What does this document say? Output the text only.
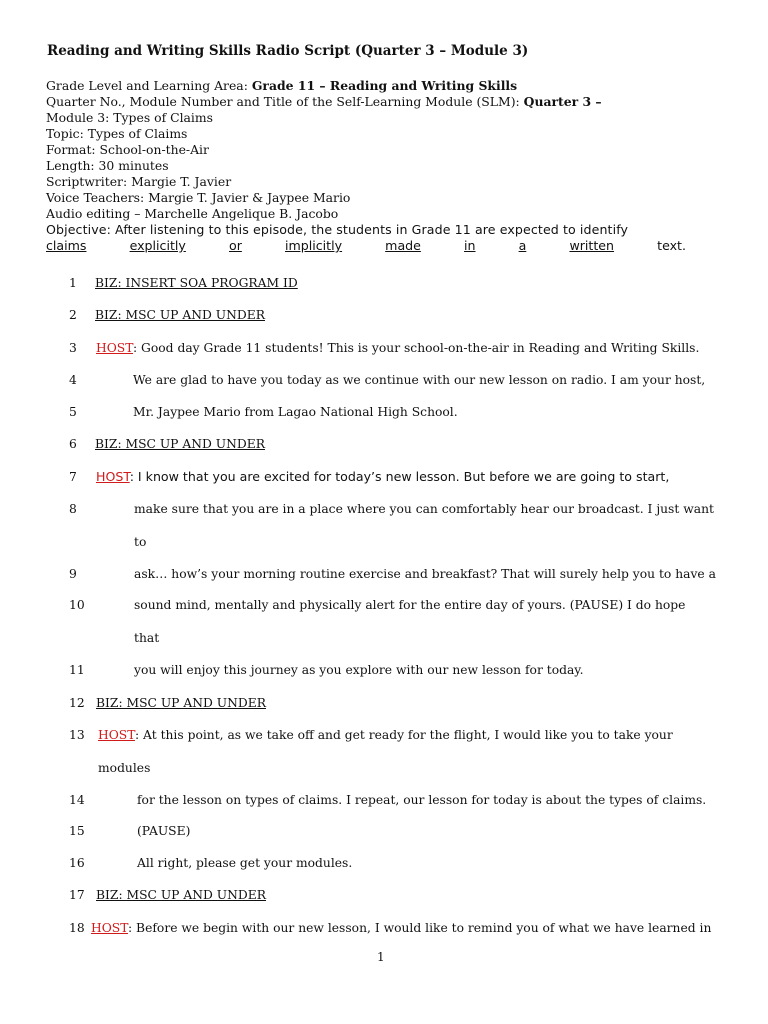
Reading and Writing Skills Radio Script (Quarter 3 – Module 3)
Grade Level and Learning Area: Grade 11 – Reading and Writing Skills
Quarter No., Module Number and Title of the Self-Learning Module (SLM): Quarter 3 –
Module 3: Types of Claims
Topic: Types of Claims
Format: School-on-the-Air
Length: 30 minutes
Scriptwriter: Margie T. Javier
Voice Teachers: Margie T. Javier & Jaypee Mario
Audio editing – Marchelle Angelique B. Jacobo
Objective: After listening to this episode, the students in Grade 11 are expected to identify
claims	explicitly	or	implicitly	made	in	a	written	text.
1 BIZ: INSERT SOA PROGRAM ID
2 BIZ: MSC UP AND UNDER
3 HOST: Good day Grade 11 students! This is your school-on-the-air in Reading and Writing Skills.
4	We are glad to have you today as we continue with our new lesson on radio. I am your host,
5	Mr. Jaypee Mario from Lagao National High School.
6 BIZ: MSC UP AND UNDER
7 HOST: I know that you are excited for today’s new lesson. But before we are going to start,
8	make sure that you are in a place where you can comfortably hear our broadcast. I just want
to
9	ask… how’s your morning routine exercise and breakfast? That will surely help you to have a
10	sound mind, mentally and physically alert for the entire day of yours. (PAUSE) I do hope
that
11	you will enjoy this journey as you explore with our new lesson for today.
12 BIZ: MSC UP AND UNDER
13 HOST: At this point, as we take off and get ready for the flight, I would like you to take your
modules
14	for the lesson on types of claims. I repeat, our lesson for today is about the types of claims.
15	(PAUSE)
16	All right, please get your modules.
17 BIZ: MSC UP AND UNDER
18 HOST: Before we begin with our new lesson, I would like to remind you of what we have learned in
1
